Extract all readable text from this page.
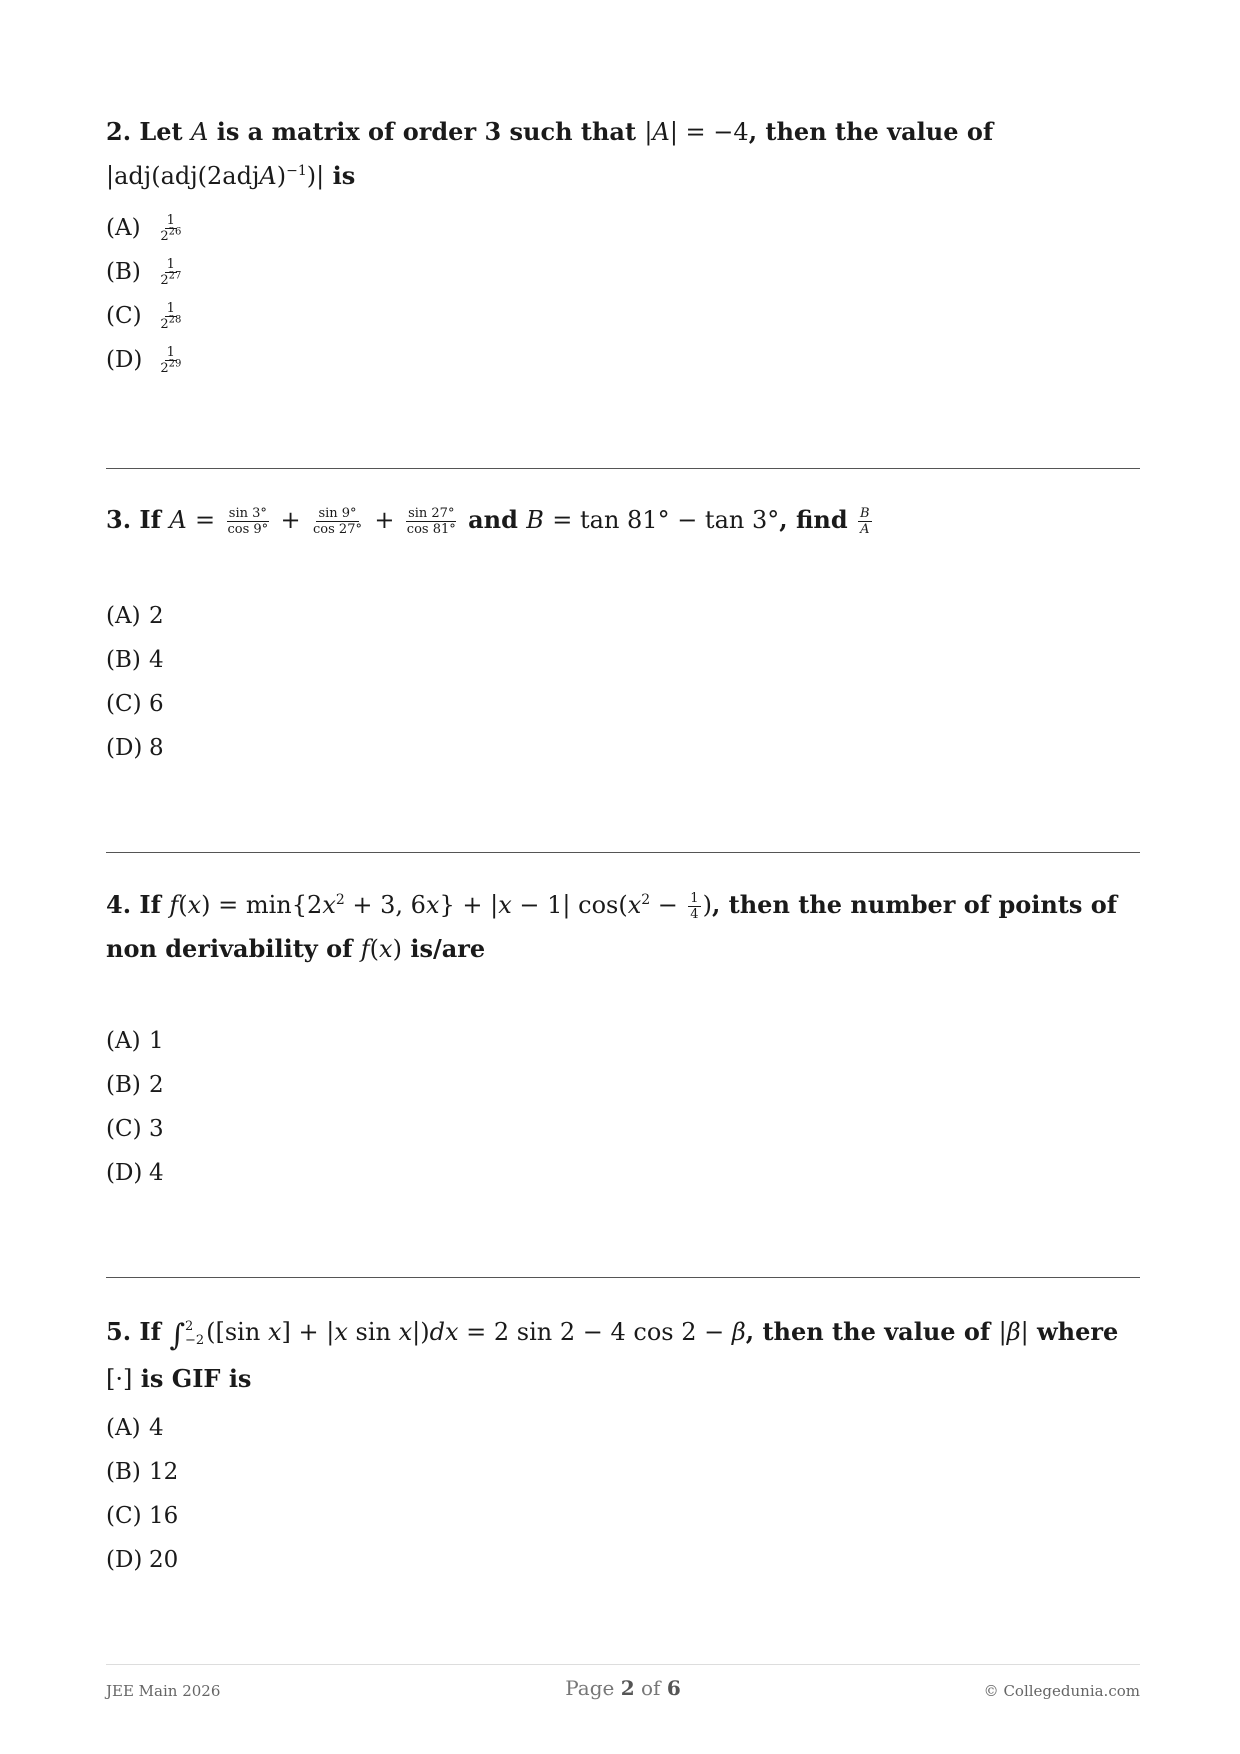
2. Let A is a matrix of order 3 such that |A| = −4, then the value of |adj(adj(2adjA)$^{-1}$)| is
$(A) \frac{1}{2^{26}}$
$(B) \frac{1}{2^{27}}$
$(C) \frac{1}{2^{28}}$
$(D) \frac{1}{2^{29}}$
3. If $A = \frac{\sin 3^\circ}{\cos 9^\circ} + \frac{\sin 9^\circ}{\cos 27^\circ} + \frac{\sin 27^\circ}{\cos 81^\circ}$ and B = tan 81° − tan 3°, find $\frac{B}{A}$
(A) 2
(B) 4
(C) 6
(D) 8
4. If $f(x) = \min\{2x^2 + 3$, 6x} + |x − 1| $\cos(x^2 - \frac{1}{4}$ ), then the number of points of non derivability of f(x) is/are
(A) 1
(B) 2
(C) 3
(D) 4
5. If ∫ 2
−2 ([sin x] + |x sin x|)dx = 2 sin 2 − 4 cos 2 − β, then the value of |β| where [·] is GIF is
(A) 4
(B) 12
(C) 16
(D) 20
JEE Main 2026	Page 2 of 6	© Collegedunia.com
